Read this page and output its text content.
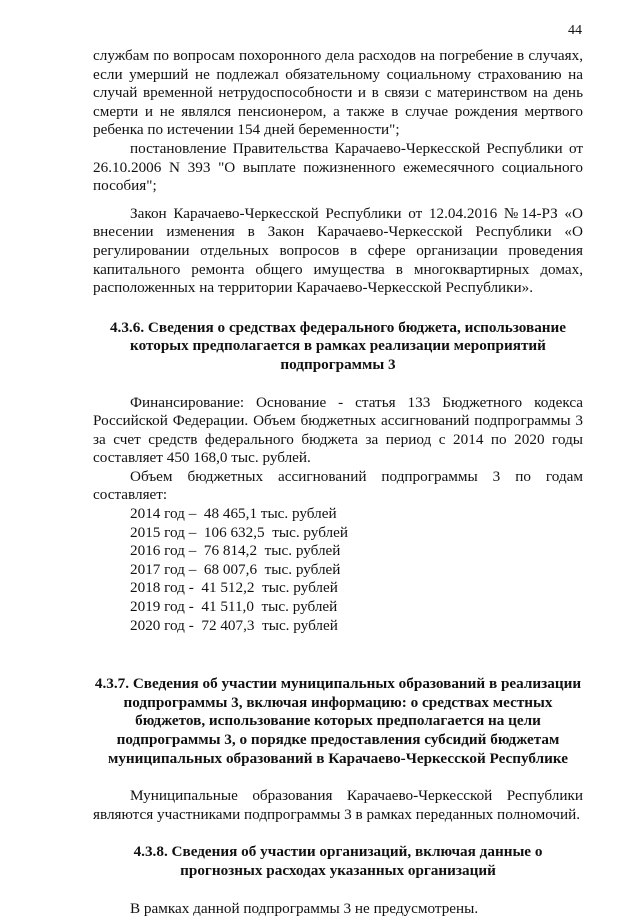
44

службам по вопросам похоронного дела расходов на погребение в случаях, если умерший не подлежал обязательному социальному страхованию на случай временной нетрудоспособности и в связи с материнством на день смерти и не являлся пенсионером, а также в случае рождения мертвого ребенка по истечении 154 дней беременности";

постановление Правительства Карачаево-Черкесской Республики от 26.10.2006 N 393 "О выплате пожизненного ежемесячного социального пособия";

Закон Карачаево-Черкесской Республики от 12.04.2016 №14-РЗ «О внесении изменения в Закон Карачаево-Черкесской Республики «О регулировании отдельных вопросов в сфере организации проведения капитального ремонта общего имущества в многоквартирных домах, расположенных на территории Карачаево-Черкесской Республики».

4.3.6. Сведения о средствах федерального бюджета, использование которых предполагается в рамках реализации мероприятий подпрограммы 3

Финансирование: Основание - статья 133 Бюджетного кодекса Российской Федерации. Объем бюджетных ассигнований подпрограммы 3 за счет средств федерального бюджета за период с 2014 по 2020 годы составляет 450 168,0 тыс. рублей.

Объем бюджетных ассигнований подпрограммы 3 по годам составляет:

2014 год –  48 465,1 тыс. рублей
2015 год –  106 632,5  тыс. рублей
2016 год –  76 814,2  тыс. рублей
2017 год –  68 007,6  тыс. рублей
2018 год -  41 512,2  тыс. рублей
2019 год -  41 511,0  тыс. рублей
2020 год -  72 407,3  тыс. рублей
4.3.7. Сведения об участии муниципальных образований в реализации подпрограммы 3, включая информацию: о средствах местных бюджетов, использование которых предполагается на цели подпрограммы 3, о порядке предоставления субсидий бюджетам муниципальных образований в Карачаево-Черкесской Республике

Муниципальные образования Карачаево-Черкесской Республики являются участниками подпрограммы 3 в рамках переданных полномочий.

4.3.8. Сведения об участии организаций, включая данные о прогнозных расходах указанных организаций

В рамках данной подпрограммы 3 не предусмотрены.
